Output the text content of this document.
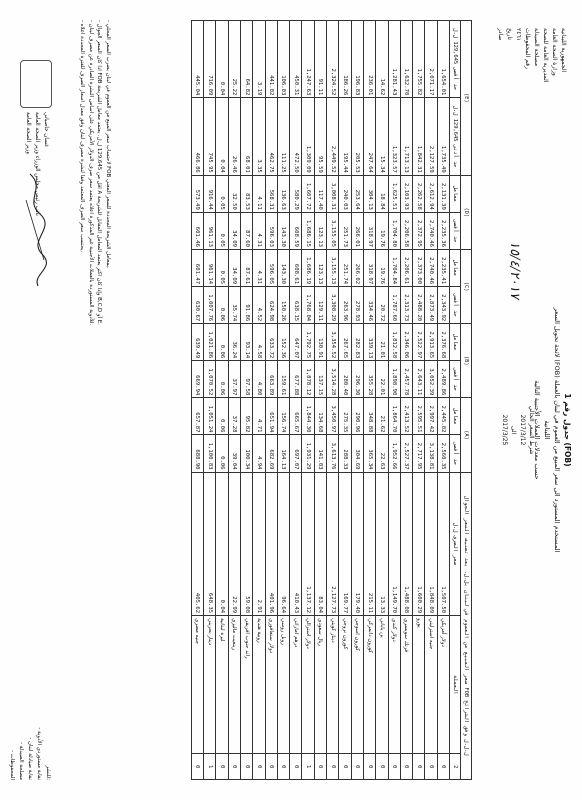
الجمهورية اللبنانية
وزارة الصحة العامة
المديرية العامة للصحة
مصلحة الصيدلة
رقم المحفوظات
٢٤٦١
تاريخ
صادر
جدول رقم 1 (FOB)
لائحة تحويل السعر (FOB) المستخدم المستورد الى سعر المبيع من العموم في لبنان بالعملة اللبنانية
حسب معدلات العملات الأجنبية التالية
شرط السعر الحالي
2017/3/12
الى
2017/3/25
١٥/٤/٢٠١٧
(E)		(D)		(C)		(B)		(A)		سعر المبيع من العموم في لبنان بل.ل. بعد تصنيف السعر الجوال FOB ل.ل.ل وفق الشرائح		
حد أقصى 129,645 ل.ل	حد أدنى 129,645 ل.ل	معامل	حد أقصى	معامل	حد أقصى	معامل	حد أقصى	معامل	حد أقصى	سعر الصرف ل.ل	العملة	2
1,654.01	1,735.49	2,131.39	2,235.36	2,235.41	2,343.92	2,376.68	2,489.86	2,445.02	2,560.35	1,507.50	دولار أمريكي	0
2,071.17	2,127.59	2,612.94	2,740.46	2,740.46	2,873.49	2,913.65	3,052.39	2,997.42	3,138.81	1,848.09	جنيه استرليني	0
1,755.82	1,842.31	2,262.58	2,372.95	2,373.00	2,488.20	2,522.97	2,643.11	2,595.51	2,717.95	1,600.29	يورو	0
1,632.70	1,713.13	2,103.93	2,206.58	2,206.61	2,313.73	2,346.06	2,457.78	2,413.52	2,527.37	1,488.08	فرنك سويسري	0
1,281.43	1,323.57	1,625.51	1,704.80	1,704.84	1,787.60	1,812.58	1,898.90	1,864.70	1,952.66	1,149.70	دولار كندي	0
14.62	15.34	18.84	19.76	19.76	20.72	21.01	22.01	21.62	22.63	13.33	ين ياباني	0
236.01	247.64	304.13	318.97	318.97	334.46	339.13	355.28	348.88	365.34	215.11	كورون دانمركي	0
196.83	205.53	253.64	266.01	266.02	278.93	282.83	296.30	290.96	304.69	179.40	كورون اسوجي	0
186.26	195.44	240.03	251.73	251.74	263.96	267.65	280.40	275.35	288.33	169.77	كورون نروجي	0
2,324.52	2,449.52	3,008.31	3,155.05	3,155.13	3,308.29	3,354.52	3,514.28	3,450.97	3,613.76	2,127.73	دينار كويتي	0
91.11	95.59	117.40	123.13	123.13	129.11	130.91	137.15	134.68	141.03	83.04	ريال سعودي	0
1,247.63	1,309.09	1,607.72	1,686.15	1,686.19	1,768.04	1,792.75	1,878.12	1,844.30	1,931.29	1,137.12	دولار استرالي	1
450.31	472.50	580.29	608.59	608.61	638.15	647.07	677.88	665.67	697.07	410.43	درهم اماراتي	0
106.03	111.25	136.63	143.30	143.30	150.26	152.36	159.61	156.74	164.13	96.64	روبل روسي	0
441.02	462.75	568.31	596.03	596.05	624.98	633.72	663.89	651.94	682.69	401.96	دولار سنغافوري	0
3.19	3.35	4.11	4.31	4.31	4.52	4.58	4.80	4.71	4.94	2.91	روبية هندية	0
64.82	68.01	83.53	87.60	87.61	91.86	93.14	97.58	95.82	100.34	59.08	راند جنوب افريقي	0
25.22	26.46	32.50	34.09	34.09	35.74	36.24	37.97	37.28	39.04	22.99	رينغيت ماليزي	0
0.04	0.04	0.05	0.05	0.05	0.06	0.06	0.06	0.06	0.06	0.04	ليرة لبنانية	0
716.09	745.95	916.44	961.13	961.14	1,007.76	1,021.86	1,070.52	1,051.24	1,100.83	648.35	دينار بحريني	1
445.04	466.86	573.49	601.46	601.47	630.67	639.49	669.94	657.87	688.90	405.62	جنيه مصري	0
- لاحتساب سعر المبيع من العموم في لبنان يضرب السعر المحلي FOB بمعامل الشريحة المحددة للسعر المعني.
- اذا كان السعر الجوال FOB اقل من 129,645 ل.ل. يعتمد معامل الشريحة A وإذا كان اكثر يعتمد المعامل المقابل للشريحة B,C,D أو E.
- للأدوية المستوردة بالعملات الأجنبية غير المذكورة اعلاه يعتمد سعر صرف الدولار الأمريكي على اساس النشرة الصادرة عن مصرف لبنان.
- يحتسب سعر الصرف المعتمد وفقا لنشرة مصرف لبنان وفق معدل اسعار الصرف للفترة المحددة اعلاه.
غسان حاصباني
نائب رئيس مجلس الوزراء وزير الصحة العامة
وزير الصحة العامة
للنشر:
- نقابة مستوردي الأدوية
- نقابة صيادلة لبنان
- مصلحة الصيدلة
- المحفوظات
